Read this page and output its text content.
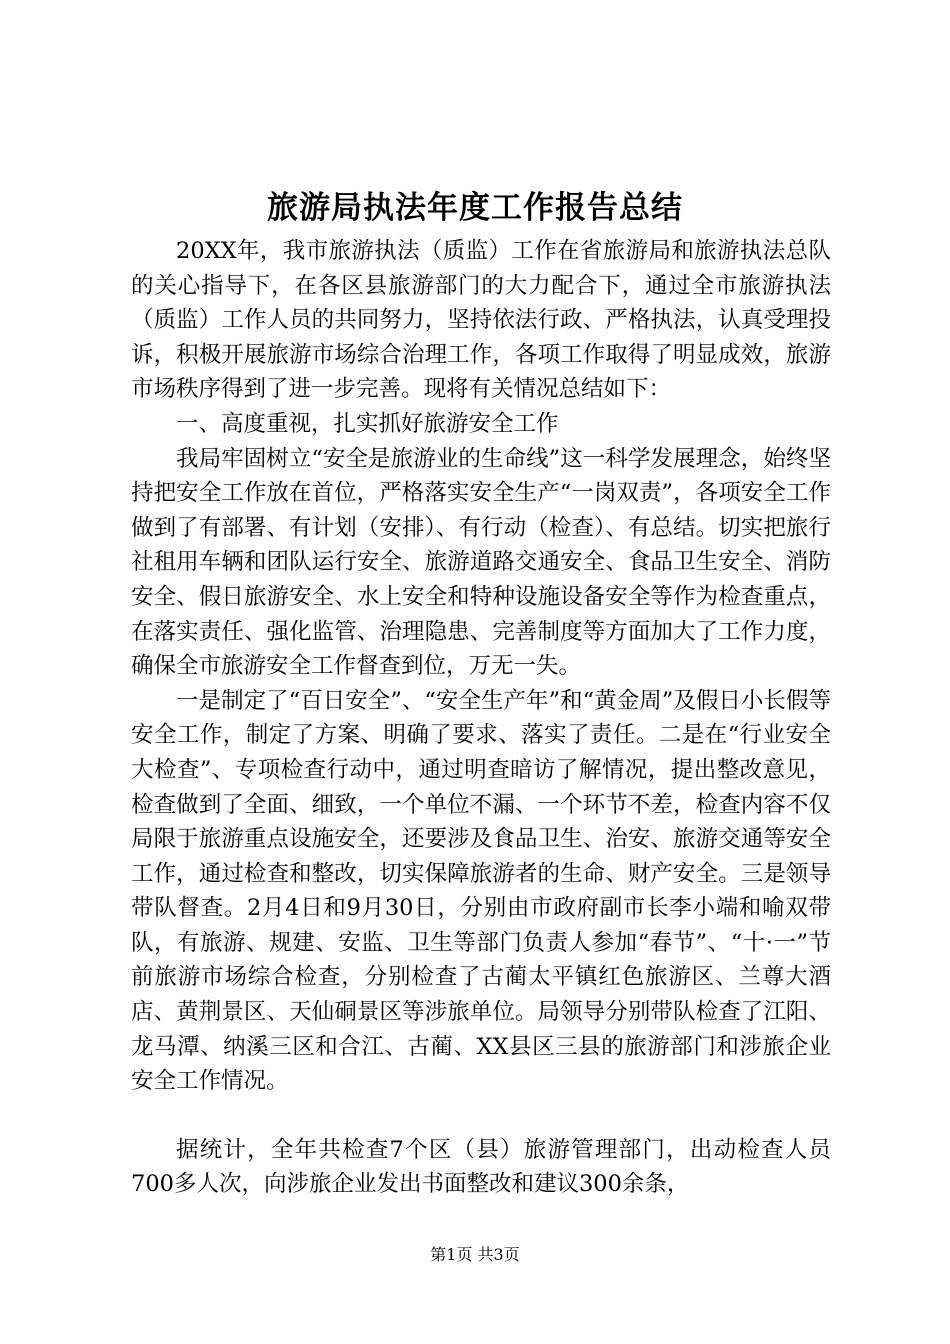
旅游局执法年度工作报告总结

20XX年，我市旅游执法（质监）工作在省旅游局和旅游执法总队的关心指导下，在各区县旅游部门的大力配合下，通过全市旅游执法（质监）工作人员的共同努力，坚持依法行政、严格执法，认真受理投诉，积极开展旅游市场综合治理工作，各项工作取得了明显成效，旅游市场秩序得到了进一步完善。现将有关情况总结如下：

一、高度重视，扎实抓好旅游安全工作

我局牢固树立“安全是旅游业的生命线”这一科学发展理念，始终坚持把安全工作放在首位，严格落实安全生产“一岗双责”，各项安全工作做到了有部署、有计划（安排）、有行动（检查）、有总结。切实把旅行社租用车辆和团队运行安全、旅游道路交通安全、食品卫生安全、消防安全、假日旅游安全、水上安全和特种设施设备安全等作为检查重点，在落实责任、强化监管、治理隐患、完善制度等方面加大了工作力度，确保全市旅游安全工作督查到位，万无一失。

一是制定了“百日安全”、“安全生产年”和“黄金周”及假日小长假等安全工作，制定了方案、明确了要求、落实了责任。二是在“行业安全大检查”、专项检查行动中，通过明查暗访了解情况，提出整改意见，检查做到了全面、细致，一个单位不漏、一个环节不差，检查内容不仅局限于旅游重点设施安全，还要涉及食品卫生、治安、旅游交通等安全工作，通过检查和整改，切实保障旅游者的生命、财产安全。三是领导带队督查。2月4日和9月30日，分别由市政府副市长李小端和喻双带队，有旅游、规建、安监、卫生等部门负责人参加“春节”、“十·一”节前旅游市场综合检查，分别检查了古蔺太平镇红色旅游区、兰尊大酒店、黄荆景区、天仙硐景区等涉旅单位。局领导分别带队检查了江阳、龙马潭、纳溪三区和合江、古蔺、XX县区三县的旅游部门和涉旅企业安全工作情况。

据统计，全年共检查7个区（县）旅游管理部门，出动检查人员700多人次，向涉旅企业发出书面整改和建议300余条，

第1页 共3页
